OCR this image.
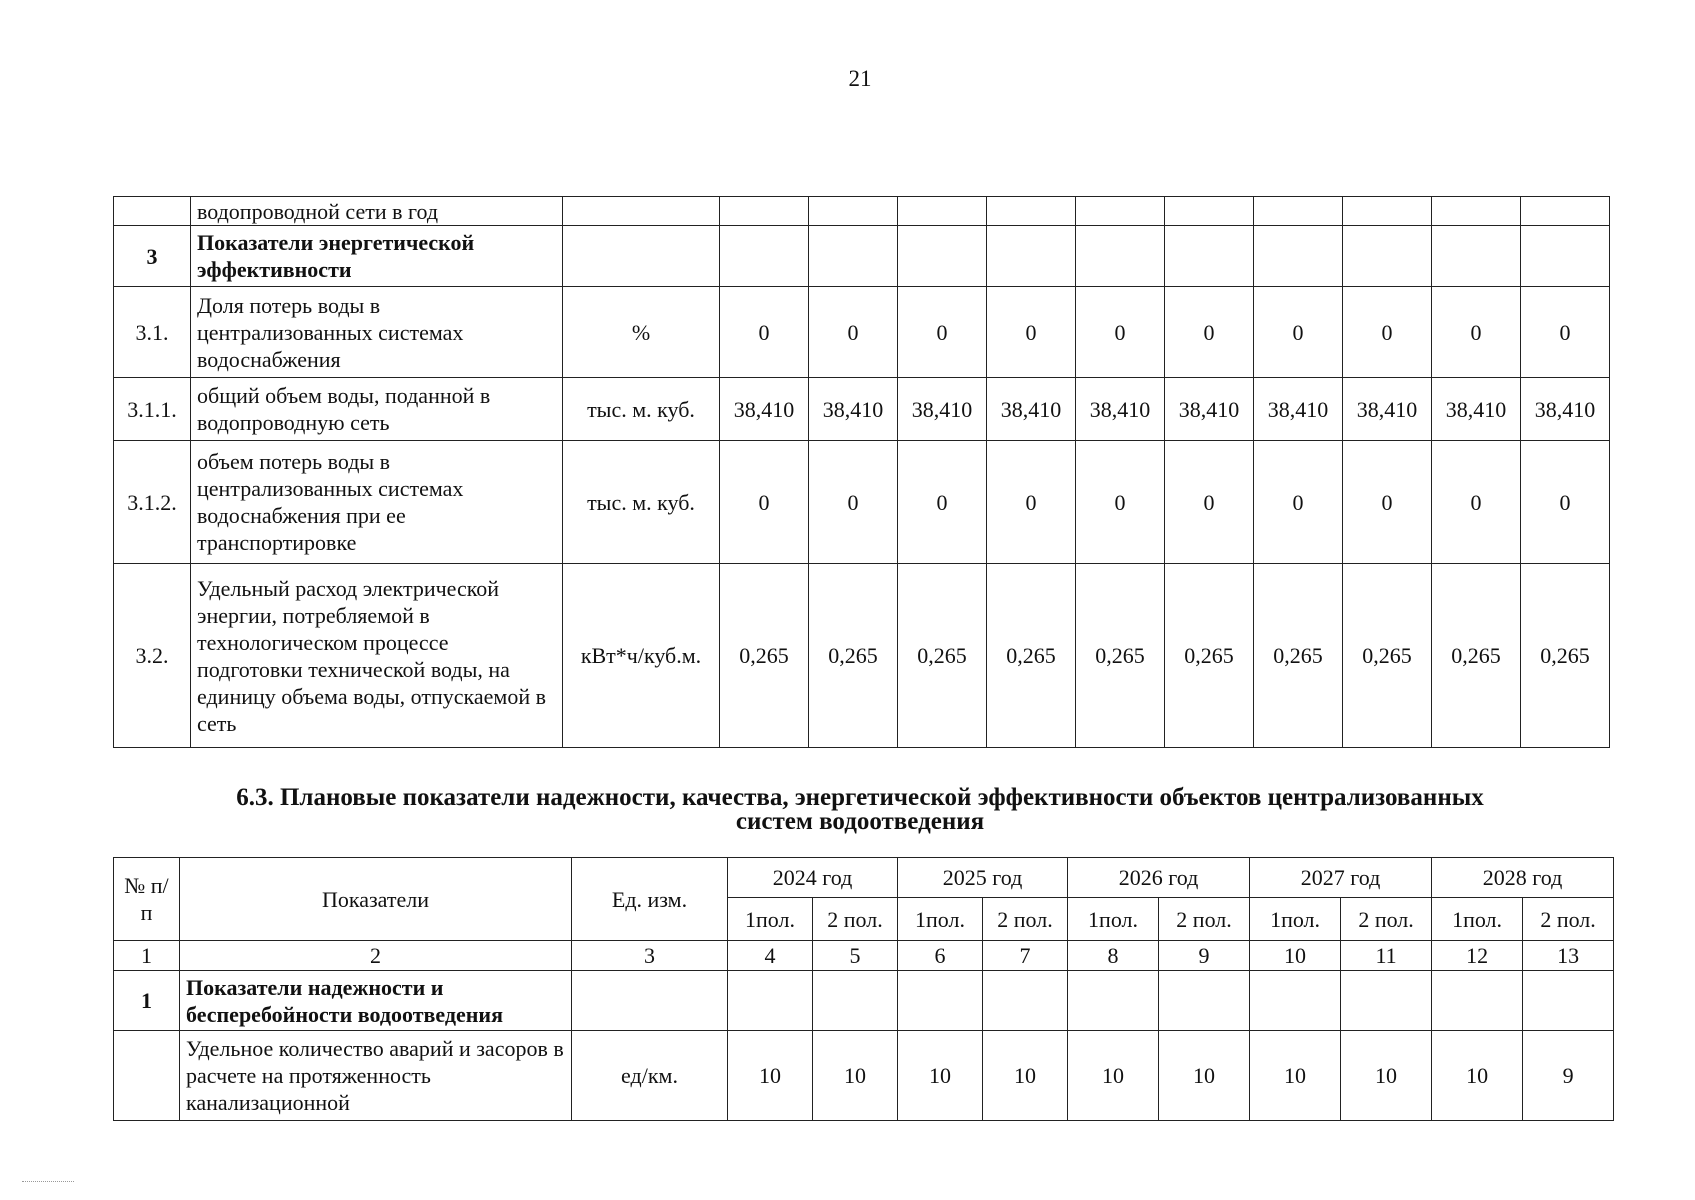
21
	водопроводной сети в год											
3	Показатели энергетической эффективности											
3.1.	Доля потерь воды в централизованных системах водоснабжения	%	0	0	0	0	0	0	0	0	0	0
3.1.1.	общий объем воды, поданной в водопроводную сеть	тыс. м. куб.	38,410	38,410	38,410	38,410	38,410	38,410	38,410	38,410	38,410	38,410
3.1.2.	объем потерь воды в централизованных системах водоснабжения при ее транспортировке	тыс. м. куб.	0	0	0	0	0	0	0	0	0	0
3.2.	Удельный расход электрической энергии, потребляемой в технологическом процессе подготовки технической воды, на единицу объема воды, отпускаемой в сеть	кВт*ч/куб.м.	0,265	0,265	0,265	0,265	0,265	0,265	0,265	0,265	0,265	0,265
6.3. Плановые показатели надежности, качества, энергетической эффективности объектов централизованных
систем водоотведения
№ п/п	Показатели	Ед. изм.	2024 год		2025 год		2026 год		2027 год		2028 год	
			1пол.	2 пол.	1пол.	2 пол.	1пол.	2 пол.	1пол.	2 пол.	1пол.	2 пол.
1	2	3	4	5	6	7	8	9	10	11	12	13
1	Показатели надежности и бесперебойности водоотведения											
	Удельное количество аварий и засоров в расчете на протяженность канализационной	ед/км.	10	10	10	10	10	10	10	10	10	9
